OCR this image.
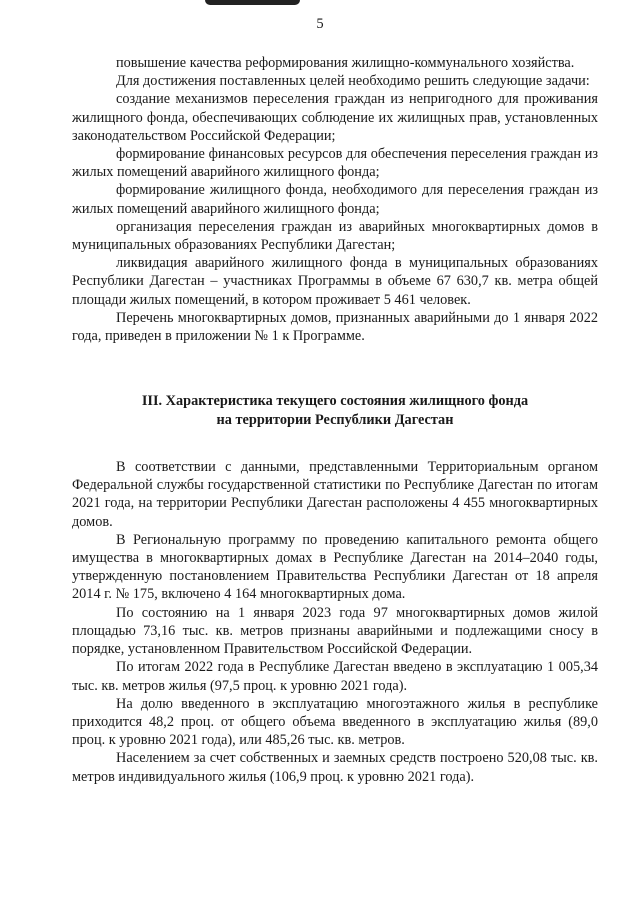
5

повышение качества реформирования жилищно-коммунального хозяйства.

Для достижения поставленных целей необходимо решить следующие задачи:

создание механизмов переселения граждан из непригодного для проживания жилищного фонда, обеспечивающих соблюдение их жилищных прав, установленных законодательством Российской Федерации;

формирование финансовых ресурсов для обеспечения переселения граждан из жилых помещений аварийного жилищного фонда;

формирование жилищного фонда, необходимого для переселения граждан из жилых помещений аварийного жилищного фонда;

организация переселения граждан из аварийных многоквартирных домов в муниципальных образованиях Республики Дагестан;

ликвидация аварийного жилищного фонда в муниципальных образованиях Республики Дагестан – участниках Программы в объеме 67 630,7 кв. метра общей площади жилых помещений, в котором проживает 5 461 человек.

Перечень многоквартирных домов, признанных аварийными до 1 января 2022 года, приведен в приложении № 1 к Программе.

III. Характеристика текущего состояния жилищного фонда
на территории Республики Дагестан

В соответствии с данными, представленными Территориальным органом Федеральной службы государственной статистики по Республике Дагестан по итогам 2021 года, на территории Республики Дагестан расположены 4 455 многоквартирных домов.

В Региональную программу по проведению капитального ремонта общего имущества в многоквартирных домах в Республике Дагестан на 2014–2040 годы, утвержденную постановлением Правительства Республики Дагестан от 18 апреля 2014 г. № 175, включено 4 164 многоквартирных дома.

По состоянию на 1 января 2023 года 97 многоквартирных домов жилой площадью 73,16 тыс. кв. метров признаны аварийными и подлежащими сносу в порядке, установленном Правительством Российской Федерации.

По итогам 2022 года в Республике Дагестан введено в эксплуатацию 1 005,34 тыс. кв. метров жилья (97,5 проц. к уровню 2021 года).

На долю введенного в эксплуатацию многоэтажного жилья в республике приходится 48,2 проц. от общего объема введенного в эксплуатацию жилья (89,0 проц. к уровню 2021 года), или 485,26 тыс. кв. метров.

Населением за счет собственных и заемных средств построено 520,08 тыс. кв. метров индивидуального жилья (106,9 проц. к уровню 2021 года).
